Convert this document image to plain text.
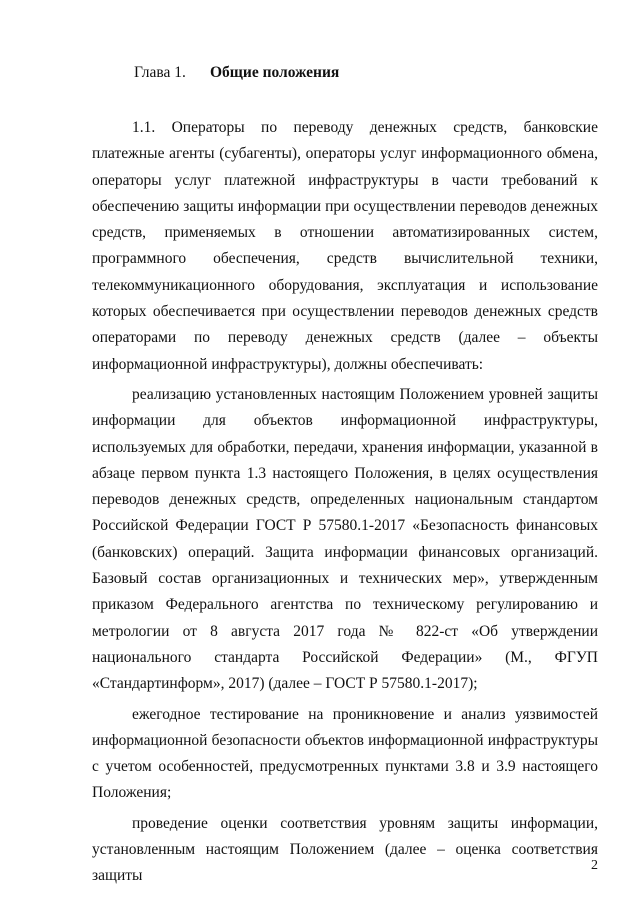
Глава 1. Общие положения

1.1. Операторы по переводу денежных средств, банковские платежные агенты (субагенты), операторы услуг информационного обмена, операторы услуг платежной инфраструктуры в части требований к обеспечению защиты информации при осуществлении переводов денежных средств, применяемых в отношении автоматизированных систем, программного обеспечения, средств вычислительной техники, телекоммуникационного оборудования, эксплуатация и использование которых обеспечивается при осуществлении переводов денежных средств операторами по переводу денежных средств (далее – объекты информационной инфраструктуры), должны обеспечивать:

реализацию установленных настоящим Положением уровней защиты информации для объектов информационной инфраструктуры, используемых для обработки, передачи, хранения информации, указанной в абзаце первом пункта 1.3 настоящего Положения, в целях осуществления переводов денежных средств, определенных национальным стандартом Российской Федерации ГОСТ Р 57580.1-2017 «Безопасность финансовых (банковских) операций. Защита информации финансовых организаций. Базовый состав организационных и технических мер», утвержденным приказом Федерального агентства по техническому регулированию и метрологии от 8 августа 2017 года № 822-ст «Об утверждении национального стандарта Российской Федерации» (М., ФГУП «Стандартинформ», 2017) (далее – ГОСТ Р 57580.1-2017);

ежегодное тестирование на проникновение и анализ уязвимостей информационной безопасности объектов информационной инфраструктуры с учетом особенностей, предусмотренных пунктами 3.8 и 3.9 настоящего Положения;

проведение оценки соответствия уровням защиты информации, установленным настоящим Положением (далее – оценка соответствия защиты

2
